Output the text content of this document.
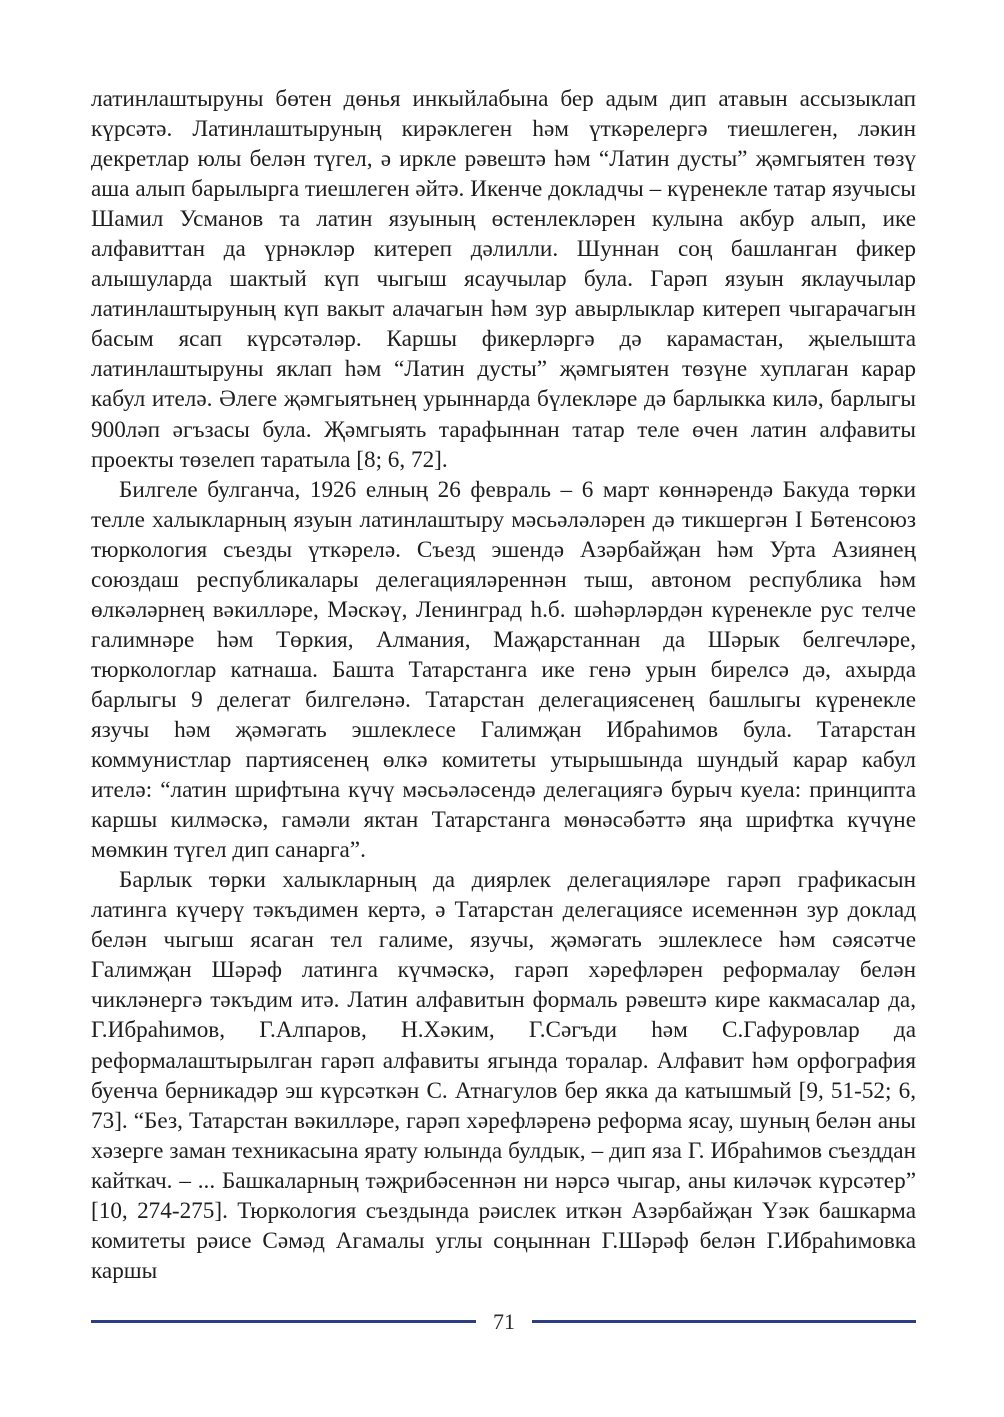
латинлаштыруны бөтен дөнья инкыйлабына бер адым дип атавын ассызыклап күрсәтә. Латинлаштыруның кирәклеген һәм үткәрелергә тиешлеген, ләкин декретлар юлы белән түгел, ә иркле рәвештә һәм “Латин дусты” җәмгыятен төзү аша алып барылырга тиешлеген әйтә. Икенче докладчы – күренекле татар язучысы Шамил Усманов та латин язуының өстенлекләрен кулына акбур алып, ике алфавиттан да үрнәкләр китереп дәлилли. Шуннан соң башланган фикер алышуларда шактый күп чыгыш ясаучылар була. Гарәп язуын яклаучылар латинлаштыруның күп вакыт алачагын һәм зур авырлыклар китереп чыгарачагын басым ясап күрсәтәләр. Каршы фикерләргә дә карамастан, җыелышта латинлаштыруны яклап һәм “Латин дусты” җәмгыятен төзүне хуплаган карар кабул ителә. Әлеге җәмгыятьнең урыннарда бүлекләре дә барлыкка килә, барлыгы 900ләп әгъзасы була. Җәмгыять тарафыннан татар теле өчен латин алфавиты проекты төзелеп таратыла [8; 6, 72].

Билгеле булганча, 1926 елның 26 февраль – 6 март көннәрендә Бакуда төрки телле халыкларның язуын латинлаштыру мәсьәләләрен дә тикшергән I Бөтенсоюз тюркология съезды үткәрелә. Съезд эшендә Азәрбайҗан һәм Урта Азиянең союздаш республикалары делегацияләреннән тыш, автоном республика һәм өлкәләрнең вәкилләре, Мәскәү, Ленинград һ.б. шәһәрләрдән күренекле рус телче галимнәре һәм Төркия, Алмания, Маҗарстаннан да Шәрык белгечләре, тюркологлар катнаша. Башта Татарстанга ике генә урын бирелсә дә, ахырда барлыгы 9 делегат билгеләнә. Татарстан делегациясенең башлыгы күренекле язучы һәм җәмәгать эшлеклесе Галимҗан Ибраһимов була. Татарстан коммунистлар партиясенең өлкә комитеты утырышында шундый карар кабул ителә: “латин шрифтына күчү мәсьәләсендә делегациягә бурыч куела: принципта каршы килмәскә, гамәли яктан Татарстанга мөнәсәбәттә яңа шрифтка күчүне мөмкин түгел дип санарга”.

Барлык төрки халыкларның да диярлек делегацияләре гарәп графикасын латинга күчерү тәкъдимен кертә, ә Татарстан делегациясе исеменнән зур доклад белән чыгыш ясаган тел галиме, язучы, җәмәгать эшлеклесе һәм сәясәтче Галимҗан Шәрәф латинга күчмәскә, гарәп хәрефләрен реформалау белән чикләнергә тәкъдим итә. Латин алфавитын формаль рәвештә кире какмасалар да, Г.Ибраһимов, Г.Алпаров, Н.Хәким, Г.Сәгъди һәм С.Гафуровлар да реформалаштырылган гарәп алфавиты ягында торалар. Алфавит һәм орфография буенча берникадәр эш күрсәткән С. Атнагулов бер якка да катышмый [9, 51-52; 6, 73]. “Без, Татарстан вәкилләре, гарәп хәрефләренә реформа ясау, шуның белән аны хәзерге заман техникасына ярату юлында булдык, – дип яза Г. Ибраһимов съезддан кайткач. – ... Башкаларның тәҗрибәсеннән ни нәрсә чыгар, аны киләчәк күрсәтер” [10, 274-275]. Тюркология съездында рәислек иткән Азәрбайҗан Үзәк башкарма комитеты рәисе Сәмәд Агамалы углы соңыннан Г.Шәрәф белән Г.Ибраһимовка каршы

71
